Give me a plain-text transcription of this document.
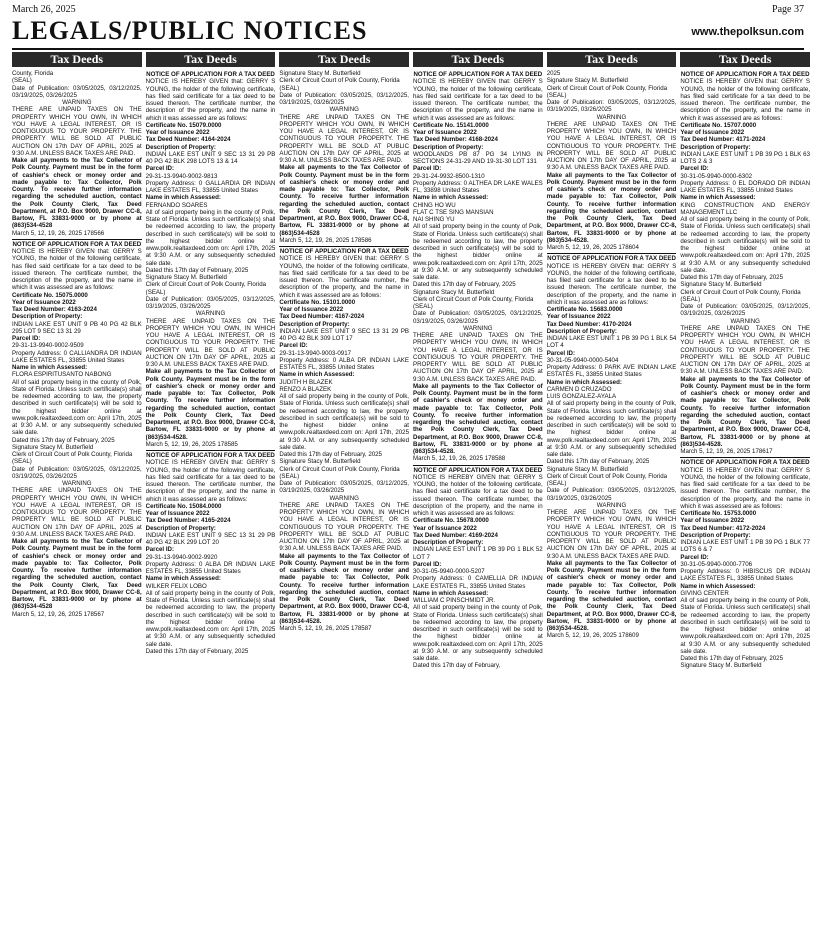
March 26, 2025	Page 37
LEGALS/PUBLIC NOTICES	www.thepolksun.com
Tax Deeds	Tax Deeds	Tax Deeds	Tax Deeds	Tax Deeds	Tax Deeds

County, Florida

(SEAL)

Date of Publication: 03/05/2025, 03/12/2025, 03/19/2025, 03/26/2025

WARNING

THERE ARE UNPAID TAXES ON THE PROPERTY WHICH YOU OWN, IN WHICH YOU HAVE A LEGAL INTEREST, OR IS CONTIGUOUS TO YOUR PROPERTY. THE PROPERTY WILL BE SOLD AT PUBLIC AUCTION ON 17th DAY OF APRIL, 2025 at 9:30 A.M. UNLESS BACK TAXES ARE PAID.

Make all payments to the Tax Collector of Polk County. Payment must be in the form of cashier's check or money order and made payable to: Tax Collector, Polk County. To receive further information regarding the scheduled auction, contact the Polk County Clerk, Tax Deed Department, at P.O. Box 9000, Drawer CC-8, Bartow, FL 33831-9000 or by phone at (863)534-4528

March 5, 12, 19, 26, 2025 178566

NOTICE OF APPLICATION FOR A TAX DEED

NOTICE IS HEREBY GIVEN that: GERRY S YOUNG, the holder of the following certificate, has filed said certificate for a tax deed to be issued thereon. The certificate number, the description of the property, and the name in which it was assessed are as follows:

Certificate No. 15075.0000

Year of Issuance 2022

Tax Deed Number: 4163-2024

Description of Property:

INDIAN LAKE EST UNIT 9 PB 40 PG 42 BLK 295 LOT 9 SEC 13 31 29

Parcel ID:

29-31-13-9940-9002-9509

Property Address: 0 CALLIANDRA DR INDIAN LAKE ESTATES FL, 33855 United States

Name in which Assessed:

FLORA ESPIRITUSANTO NABONG

All of said property being in the county of Polk, State of Florida. Unless such certificate(s) shall be redeemed according to law, the property described in such certificate(s) will be sold to the highest bidder online at www.polk.realtaxdeed.com on: April 17th, 2025 at 9:30 A.M. or any subsequently scheduled sale date.

Dated this 17th day of February, 2025

Signature Stacy M. Butterfield

Clerk of Circuit Court of Polk County, Florida

(SEAL)

Date of Publication: 03/05/2025, 03/12/2025, 03/19/2025, 03/26/2025

WARNING

THERE ARE UNPAID TAXES ON THE PROPERTY WHICH YOU OWN, IN WHICH YOU HAVE A LEGAL INTEREST, OR IS CONTIGUOUS TO YOUR PROPERTY. THE PROPERTY WILL BE SOLD AT PUBLIC AUCTION ON 17th DAY OF APRIL, 2025 at 9:30 A.M. UNLESS BACK TAXES ARE PAID.

Make all payments to the Tax Collector of Polk County. Payment must be in the form of cashier's check or money order and made payable to: Tax Collector, Polk County. To receive further information regarding the scheduled auction, contact the Polk County Clerk, Tax Deed Department, at P.O. Box 9000, Drawer CC-8, Bartow, FL 33831-9000 or by phone at (863)534-4528

March 5, 12, 19, 26, 2025 178567

NOTICE OF APPLICATION FOR A TAX DEED

NOTICE IS HEREBY GIVEN that: GERRY S YOUNG, the holder of the following certificate, has filed said certificate for a tax deed to be issued thereon. The certificate number, the description of the property, and the name in which it was assessed are as follows:

Certificate No. 15079.0000

Year of Issuance 2022

Tax Deed Number: 4164-2024

Description of Property:

INDIAN LAKE EST UNIT 9 SEC 13 31 29 PB 40 PG 42 BLK 298 LOTS 13 & 14

Parcel ID:

29-31-13-9940-9002-9813

Property Address: 0 GALLARDIA DR INDIAN LAKE ESTATES FL, 33855 United States

Name in which Assessed:

FERNANDO SOARES

All of said property being in the county of Polk, State of Florida. Unless such certificate(s) shall be redeemed according to law, the property described in such certificate(s) will be sold to the highest bidder online at www.polk.realtaxdeed.com on: April 17th, 2025 at 9:30 A.M. or any subsequently scheduled sale date.

Dated this 17th day of February, 2025

Signature Stacy M. Butterfield

Clerk of Circuit Court of Polk County, Florida

(SEAL)

Date of Publication: 03/05/2025, 03/12/2025, 03/19/2025, 03/26/2025

WARNING

THERE ARE UNPAID TAXES ON THE PROPERTY WHICH YOU OWN, IN WHICH YOU HAVE A LEGAL INTEREST, OR IS CONTIGUOUS TO YOUR PROPERTY. THE PROPERTY WILL BE SOLD AT PUBLIC AUCTION ON 17th DAY OF APRIL, 2025 at 9:30 A.M. UNLESS BACK TAXES ARE PAID.

Make all payments to the Tax Collector of Polk County. Payment must be in the form of cashier's check or money order and made payable to: Tax Collector, Polk County. To receive further information regarding the scheduled auction, contact the Polk County Clerk, Tax Deed Department, at P.O. Box 9000, Drawer CC-8, Bartow, FL 33831-9000 or by phone at (863)534-4528.

March 5, 12, 19, 26, 2025 178585

NOTICE OF APPLICATION FOR A TAX DEED

NOTICE IS HEREBY GIVEN that: GERRY S YOUNG, the holder of the following certificate, has filed said certificate for a tax deed to be issued thereon. The certificate number, the description of the property, and the name in which it was assessed are as follows:

Certificate No. 15084.0000

Year of Issuance 2022

Tax Deed Number: 4165-2024

Description of Property:

INDIAN LAKE EST UNIT 9 SEC 13 31 29 PB 40 PG 42 BLK 299 LOT 20

Parcel ID:

29-31-13-9940-9002-9920

Property Address: 0 ALBA DR INDIAN LAKE ESTATES FL, 33855 United States

Name in which Assessed:

WILKER FELIX LOBO

All of said property being in the county of Polk, State of Florida. Unless such certificate(s) shall be redeemed according to law, the property described in such certificate(s) will be sold to the highest bidder online at www.polk.realtaxdeed.com on: April 17th, 2025 at 9:30 A.M. or any subsequently scheduled sale date.

Dated this 17th day of February, 2025

Signature Stacy M. Butterfield

Clerk of Circuit Court of Polk County, Florida

(SEAL)

Date of Publication: 03/05/2025, 03/12/2025, 03/19/2025, 03/26/2025

WARNING

THERE ARE UNPAID TAXES ON THE PROPERTY WHICH YOU OWN, IN WHICH YOU HAVE A LEGAL INTEREST, OR IS CONTIGUOUS TO YOUR PROPERTY. THE PROPERTY WILL BE SOLD AT PUBLIC AUCTION ON 17th DAY OF APRIL, 2025 at 9:30 A.M. UNLESS BACK TAXES ARE PAID.

Make all payments to the Tax Collector of Polk County. Payment must be in the form of cashier's check or money order and made payable to: Tax Collector, Polk County. To receive further information regarding the scheduled auction, contact the Polk County Clerk, Tax Deed Department, at P.O. Box 9000, Drawer CC-8, Bartow, FL 33831-9000 or by phone at (863)534-4528

March 5, 12, 19, 26, 2025 178586

NOTICE OF APPLICATION FOR A TAX DEED

NOTICE IS HEREBY GIVEN that: GERRY S YOUNG, the holder of the following certificate, has filed said certificate for a tax deed to be issued thereon. The certificate number, the description of the property, and the name in which it was assessed are as follows:

Certificate No. 15101.0000

Year of Issuance 2022

Tax Deed Number: 4167-2024

Description of Property:

INDIAN LAKE EST UNIT 9 SEC 13 31 29 PB 40 PG 42 BLK 309 LOT 17

Parcel ID:

29-31-13-9940-9003-0917

Property Address: 0 ALBA DR INDIAN LAKE ESTATES FL, 33855 United States

Name in which Assessed:

JUDITH H BLAZEK

RENZO A BLAZEK

All of said property being in the county of Polk, State of Florida. Unless such certificate(s) shall be redeemed according to law, the property described in such certificate(s) will be sold to the highest bidder online at www.polk.realtaxdeed.com on: April 17th, 2025 at 9:30 A.M. or any subsequently scheduled sale date.

Dated this 17th day of February, 2025

Signature Stacy M. Butterfield

Clerk of Circuit Court of Polk County, Florida

(SEAL)

Date of Publication: 03/05/2025, 03/12/2025, 03/19/2025, 03/26/2025

WARNING

THERE ARE UNPAID TAXES ON THE PROPERTY WHICH YOU OWN, IN WHICH YOU HAVE A LEGAL INTEREST, OR IS CONTIGUOUS TO YOUR PROPERTY. THE PROPERTY WILL BE SOLD AT PUBLIC AUCTION ON 17th DAY OF APRIL, 2025 at 9:30 A.M. UNLESS BACK TAXES ARE PAID.

Make all payments to the Tax Collector of Polk County. Payment must be in the form of cashier's check or money order and made payable to: Tax Collector, Polk County. To receive further information regarding the scheduled auction, contact the Polk County Clerk, Tax Deed Department, at P.O. Box 9000, Drawer CC-8, Bartow, FL 33831-9000 or by phone at (863)534-4528.

March 5, 12, 19, 26, 2025 178587

NOTICE OF APPLICATION FOR A TAX DEED

NOTICE IS HEREBY GIVEN that: GERRY S YOUNG, the holder of the following certificate, has filed said certificate for a tax deed to be issued thereon. The certificate number, the description of the property, and the name in which it was assessed are as follows:

Certificate No. 15141.0000

Year of Issuance 2022

Tax Deed Number: 4168-2024

Description of Property:

WOODLANDS PB 87 PG 34 LYING IN SECTIONS 24-31-29 AND 19-31-30 LOT 131

Parcel ID:

29-31-24-9932-8500-1310

Property Address: 0 ALTHEA DR LAKE WALES FL, 33898 United States

Name in which Assessed:

CHING HO WU

FLAT C TSE SING MANSIAN

NAI SHING YU

All of said property being in the county of Polk, State of Florida. Unless such certificate(s) shall be redeemed according to law, the property described in such certificate(s) will be sold to the highest bidder online at www.polk.realtaxdeed.com on: April 17th, 2025 at 9:30 A.M. or any subsequently scheduled sale date.

Dated this 17th day of February, 2025

Signature Stacy M. Butterfield

Clerk of Circuit Court of Polk County, Florida

(SEAL)

Date of Publication: 03/05/2025, 03/12/2025, 03/19/2025, 03/26/2025

WARNING

THERE ARE UNPAID TAXES ON THE PROPERTY WHICH YOU OWN, IN WHICH YOU HAVE A LEGAL INTEREST, OR IS CONTIGUOUS TO YOUR PROPERTY. THE PROPERTY WILL BE SOLD AT PUBLIC AUCTION ON 17th DAY OF APRIL, 2025 at 9:30 A.M. UNLESS BACK TAXES ARE PAID.

Make all payments to the Tax Collector of Polk County. Payment must be in the form of cashier's check or money order and made payable to: Tax Collector, Polk County. To receive further information regarding the scheduled auction, contact the Polk County Clerk, Tax Deed Department, at P.O. Box 9000, Drawer CC-8, Bartow, FL 33831-9000 or by phone at (863)534-4528.

March 5, 12, 19, 26, 2025 178588

NOTICE OF APPLICATION FOR A TAX DEED

NOTICE IS HEREBY GIVEN that: GERRY S YOUNG, the holder of the following certificate, has filed said certificate for a tax deed to be issued thereon. The certificate number, the description of the property, and the name in which it was assessed are as follows:

Certificate No. 15678.0000

Year of Issuance 2022

Tax Deed Number: 4169-2024

Description of Property:

INDIAN LAKE EST UNIT 1 PB 39 PG 1 BLK 52 LOT 7

Parcel ID:

30-31-05-9940-0000-5207

Property Address: 0 CAMELLIA DR INDIAN LAKE ESTATES FL, 33855 United States

Name in which Assessed:

WILLIAM C PINSCHMIDT JR.

All of said property being in the county of Polk, State of Florida. Unless such certificate(s) shall be redeemed according to law, the property described in such certificate(s) will be sold to the highest bidder online at www.polk.realtaxdeed.com on: April 17th, 2025 at 9:30 A.M. or any subsequently scheduled sale date.

Dated this 17th day of February,

2025

Signature Stacy M. Butterfield

Clerk of Circuit Court of Polk County, Florida

(SEAL)

Date of Publication: 03/05/2025, 03/12/2025, 03/19/2025, 03/26/2025

WARNING

THERE ARE UNPAID TAXES ON THE PROPERTY WHICH YOU OWN, IN WHICH YOU HAVE A LEGAL INTEREST, OR IS CONTIGUOUS TO YOUR PROPERTY. THE PROPERTY WILL BE SOLD AT PUBLIC AUCTION ON 17th DAY OF APRIL, 2025 at 9:30 A.M. UNLESS BACK TAXES ARE PAID.

Make all payments to the Tax Collector of Polk County. Payment must be in the form of cashier's check or money order and made payable to: Tax Collector, Polk County. To receive further information regarding the scheduled auction, contact the Polk County Clerk, Tax Deed Department, at P.O. Box 9000, Drawer CC-8, Bartow, FL 33831-9000 or by phone at (863)534-4528.

March 5, 12, 19, 26, 2025 178604

NOTICE OF APPLICATION FOR A TAX DEED

NOTICE IS HEREBY GIVEN that: GERRY S YOUNG, the holder of the following certificate, has filed said certificate for a tax deed to be issued thereon. The certificate number, the description of the property, and the name in which it was assessed are as follows:

Certificate No. 15683.0000

Year of Issuance 2022

Tax Deed Number: 4170-2024

Description of Property:

INDIAN LAKE EST UNIT 1 PB 39 PG 1 BLK 54 LOT 4

Parcel ID:

30-31-05-9940-0000-5404

Property Address: 0 PARK AVE INDIAN LAKE ESTATES FL, 33855 United States

Name in which Assessed:

CARMEN D CRUZADO

LUIS GONZALEZ-AYALA

All of said property being in the county of Polk, State of Florida. Unless such certificate(s) shall be redeemed according to law, the property described in such certificate(s) will be sold to the highest bidder online at www.polk.realtaxdeed.com on: April 17th, 2025 at 9:30 A.M. or any subsequently scheduled sale date.

Dated this 17th day of February, 2025

Signature Stacy M. Butterfield

Clerk of Circuit Court of Polk County, Florida

(SEAL)

Date of Publication: 03/05/2025, 03/12/2025, 03/19/2025, 03/26/2025

WARNING

THERE ARE UNPAID TAXES ON THE PROPERTY WHICH YOU OWN, IN WHICH YOU HAVE A LEGAL INTEREST, OR IS CONTIGUOUS TO YOUR PROPERTY. THE PROPERTY WILL BE SOLD AT PUBLIC AUCTION ON 17th DAY OF APRIL, 2025 at 9:30 A.M. UNLESS BACK TAXES ARE PAID.

Make all payments to the Tax Collector of Polk County. Payment must be in the form of cashier's check or money order and made payable to: Tax Collector, Polk County. To receive further information regarding the scheduled auction, contact the Polk County Clerk, Tax Deed Department, at P.O. Box 9000, Drawer CC-8, Bartow, FL 33831-9000 or by phone at (863)534-4528.

March 5, 12, 19, 26, 2025 178609

NOTICE OF APPLICATION FOR A TAX DEED

NOTICE IS HEREBY GIVEN that: GERRY S YOUNG, the holder of the following certificate, has filed said certificate for a tax deed to be issued thereon. The certificate number, the description of the property, and the name in which it was assessed are as follows:

Certificate No. 15707.0000

Year of Issuance 2022

Tax Deed Number: 4171-2024

Description of Property:

INDIAN LAKE EST UNIT 1 PB 39 PG 1 BLK 63 LOTS 2 & 3

Parcel ID:

30-31-05-9940-0000-6302

Property Address: 0 EL DORADO DR INDIAN LAKE ESTATES FL, 33855 United States

Name in which Assessed:

KING CONSTRUCTION AND ENERGY MANAGEMENT LLC

All of said property being in the county of Polk, State of Florida. Unless such certificate(s) shall be redeemed according to law, the property described in such certificate(s) will be sold to the highest bidder online at www.polk.realtaxdeed.com on: April 17th, 2025 at 9:30 A.M. or any subsequently scheduled sale date.

Dated this 17th day of February, 2025

Signature Stacy M. Butterfield

Clerk of Circuit Court of Polk County, Florida

(SEAL)

Date of Publication: 03/05/2025, 03/12/2025, 03/19/2025, 03/26/2025

WARNING

THERE ARE UNPAID TAXES ON THE PROPERTY WHICH YOU OWN, IN WHICH YOU HAVE A LEGAL INTEREST, OR IS CONTIGUOUS TO YOUR PROPERTY. THE PROPERTY WILL BE SOLD AT PUBLIC AUCTION ON 17th DAY OF APRIL, 2025 at 9:30 A.M. UNLESS BACK TAXES ARE PAID.

Make all payments to the Tax Collector of Polk County. Payment must be in the form of cashier's check or money order and made payable to: Tax Collector, Polk County. To receive further information regarding the scheduled auction, contact the Polk County Clerk, Tax Deed Department, at P.O. Box 9000, Drawer CC-8, Bartow, FL 33831-9000 or by phone at (863)534-4528.

March 5, 12, 19, 26, 2025 178617

NOTICE OF APPLICATION FOR A TAX DEED

NOTICE IS HEREBY GIVEN that: GERRY S YOUNG, the holder of the following certificate, has filed said certificate for a tax deed to be issued thereon. The certificate number, the description of the property, and the name in which it was assessed are as follows:

Certificate No. 15753.0000

Year of Issuance 2022

Tax Deed Number: 4172-2024

Description of Property:

INDIAN LAKE EST UNIT 1 PB 39 PG 1 BLK 77 LOTS 6 & 7

Parcel ID:

30-31-05-9940-0000-7706

Property Address: 0 HIBISCUS DR INDIAN LAKE ESTATES FL, 33855 United States

Name in which Assessed:

GIVING CENTER

All of said property being in the county of Polk, State of Florida. Unless such certificate(s) shall be redeemed according to law, the property described in such certificate(s) will be sold to the highest bidder online at www.polk.realtaxdeed.com on: April 17th, 2025 at 9:30 A.M. or any subsequently scheduled sale date.

Dated this 17th day of February, 2025

Signature Stacy M. Butterfield
